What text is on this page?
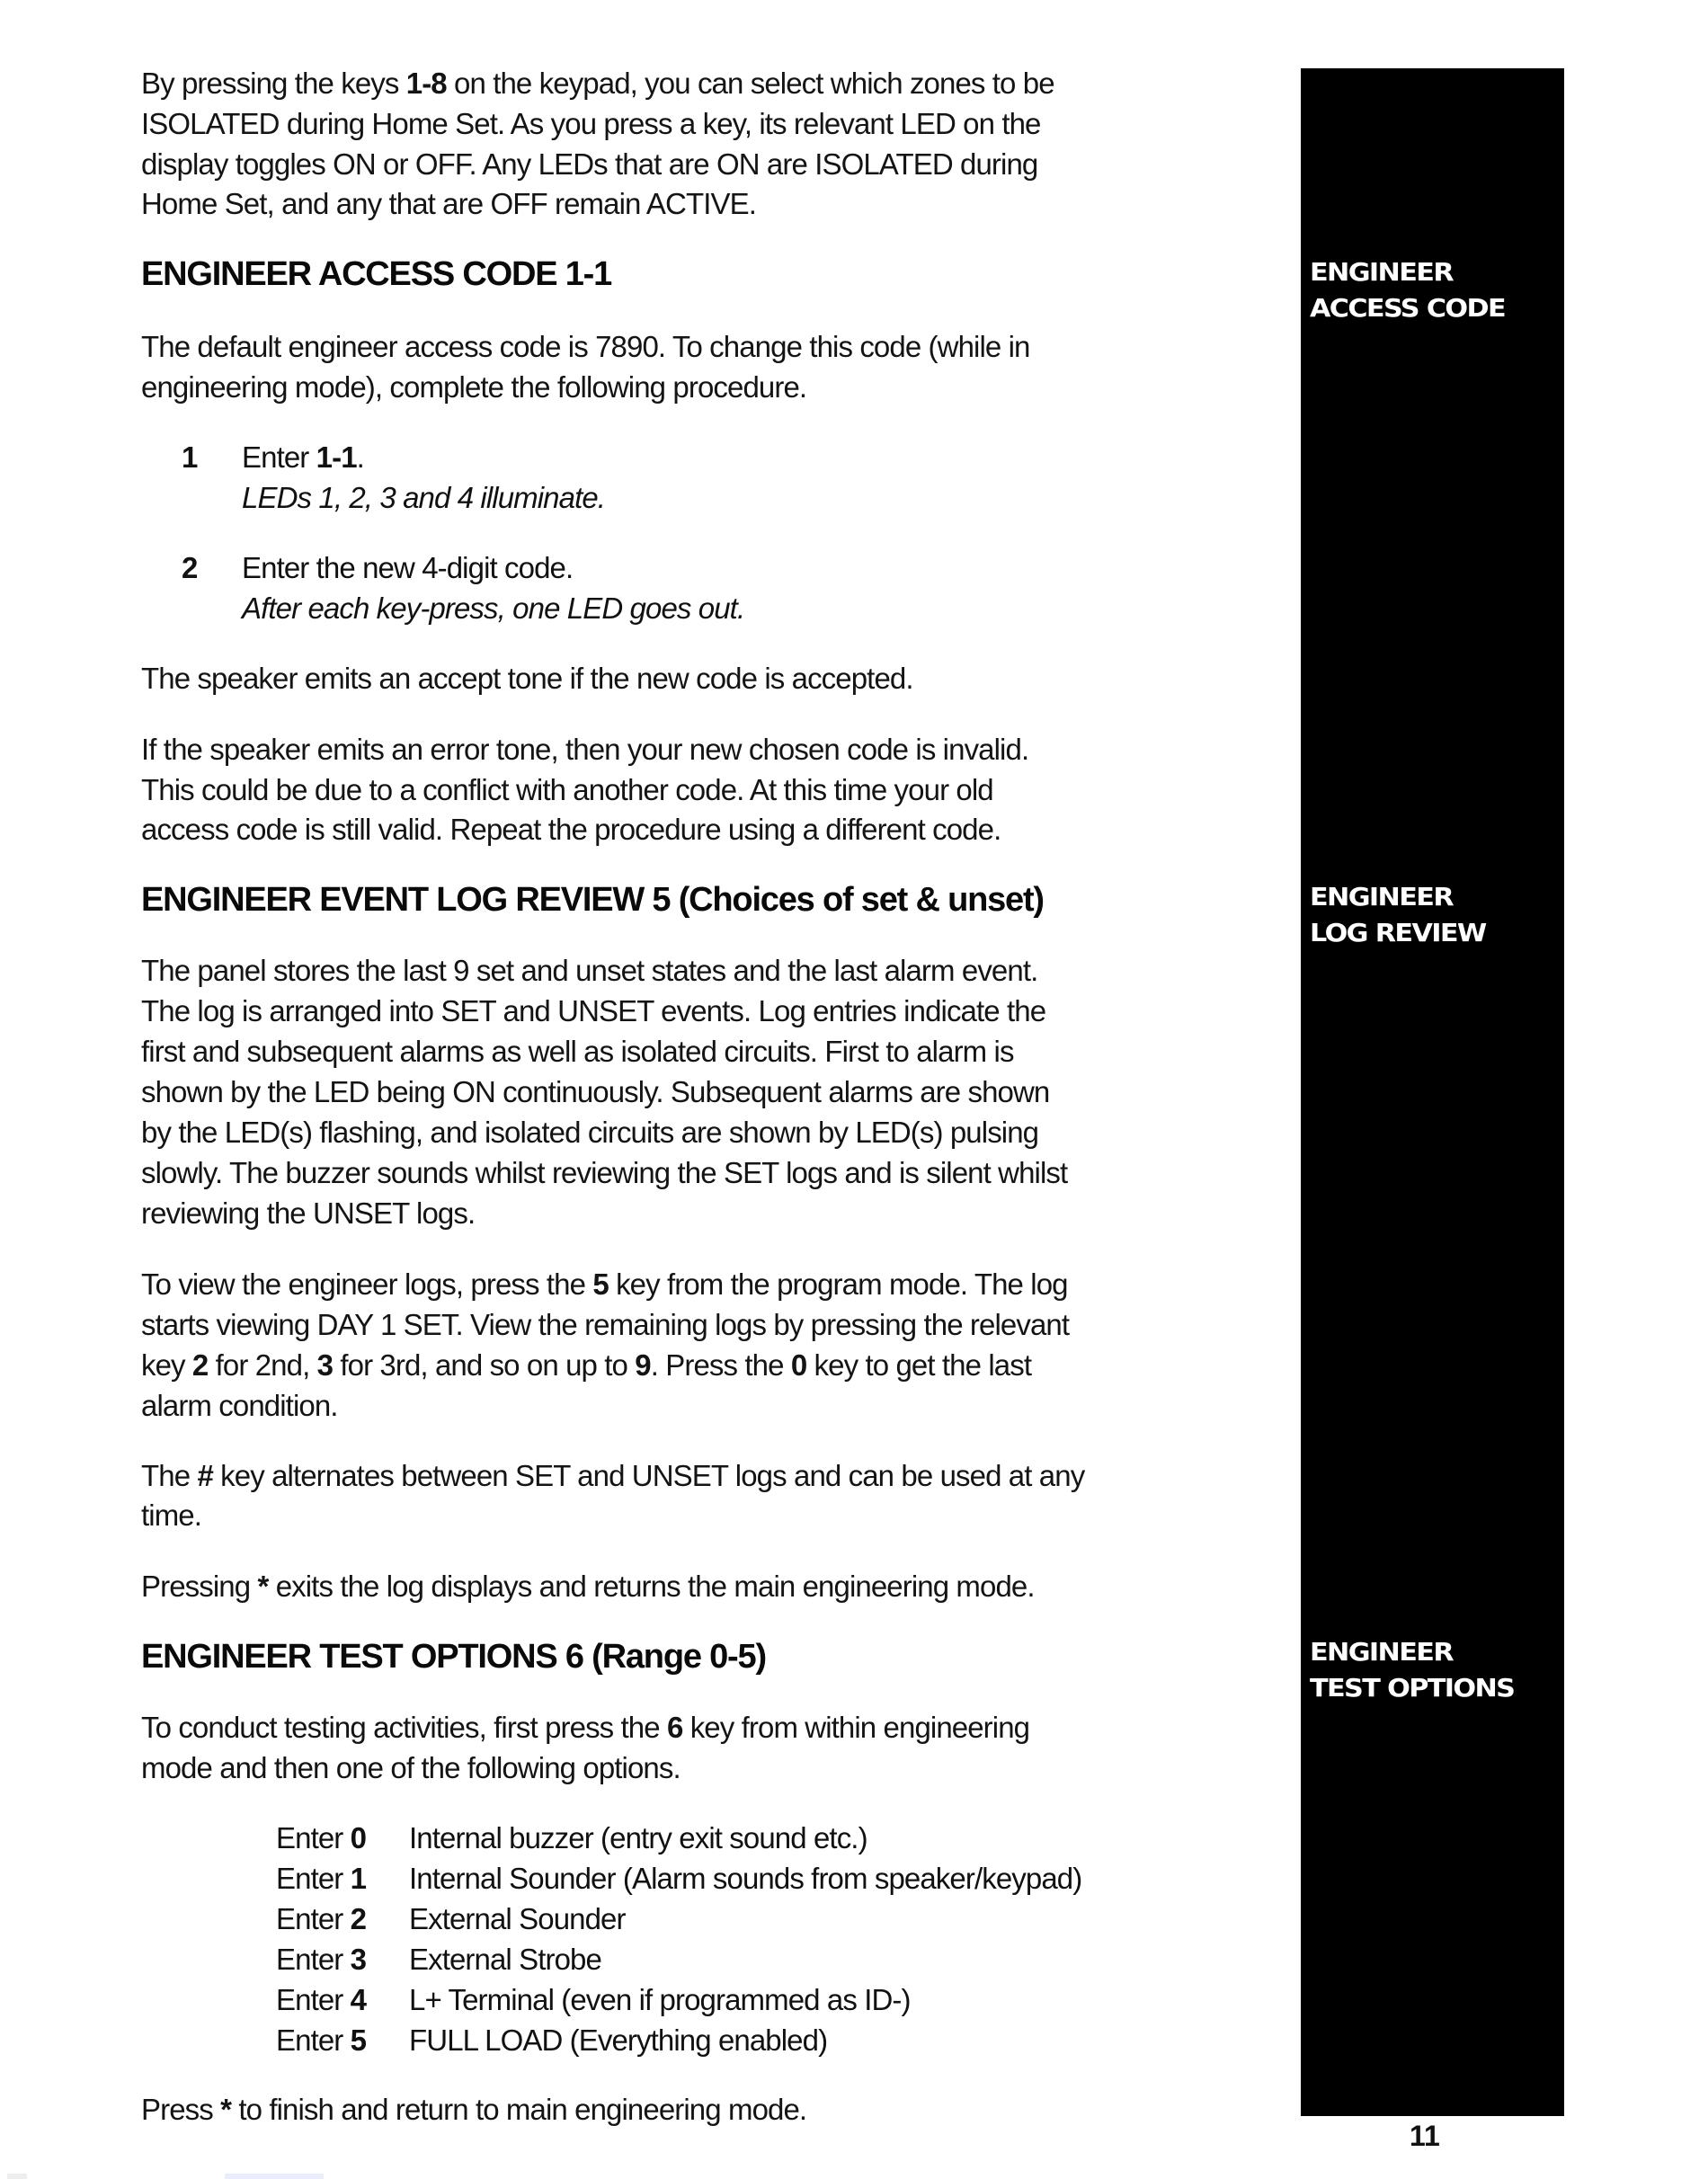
By pressing the keys 1-8 on the keypad, you can select which zones to be
ISOLATED during Home Set. As you press a key, its relevant LED on the
display toggles ON or OFF. Any LEDs that are ON are ISOLATED during
Home Set, and any that are OFF remain ACTIVE.
ENGINEER ACCESS CODE 1-1
The default engineer access code is 7890. To change this code (while in
engineering mode), complete the following procedure.
1 Enter 1-1.
LEDs 1, 2, 3 and 4 illuminate.
2 Enter the new 4-digit code.
After each key-press, one LED goes out.
The speaker emits an accept tone if the new code is accepted.
If the speaker emits an error tone, then your new chosen code is invalid.
This could be due to a conflict with another code. At this time your old
access code is still valid. Repeat the procedure using a different code.
ENGINEER EVENT LOG REVIEW 5 (Choices of set & unset)
The panel stores the last 9 set and unset states and the last alarm event.
The log is arranged into SET and UNSET events. Log entries indicate the
first and subsequent alarms as well as isolated circuits. First to alarm is
shown by the LED being ON continuously. Subsequent alarms are shown
by the LED(s) flashing, and isolated circuits are shown by LED(s) pulsing
slowly. The buzzer sounds whilst reviewing the SET logs and is silent whilst
reviewing the UNSET logs.
To view the engineer logs, press the 5 key from the program mode. The log
starts viewing DAY 1 SET. View the remaining logs by pressing the relevant
key 2 for 2nd, 3 for 3rd, and so on up to 9. Press the 0 key to get the last
alarm condition.
The # key alternates between SET and UNSET logs and can be used at any
time.
Pressing * exits the log displays and returns the main engineering mode.
ENGINEER TEST OPTIONS 6 (Range 0-5)
To conduct testing activities, first press the 6 key from within engineering
mode and then one of the following options.
Enter 0 Internal buzzer (entry exit sound etc.)
Enter 1 Internal Sounder (Alarm sounds from speaker/keypad)
Enter 2 External Sounder
Enter 3 External Strobe
Enter 4 L+ Terminal (even if programmed as ID-)
Enter 5 FULL LOAD (Everything enabled)
Press * to finish and return to main engineering mode.
ENGINEER
ACCESS CODE
ENGINEER
LOG REVIEW
ENGINEER
TEST OPTIONS
11
